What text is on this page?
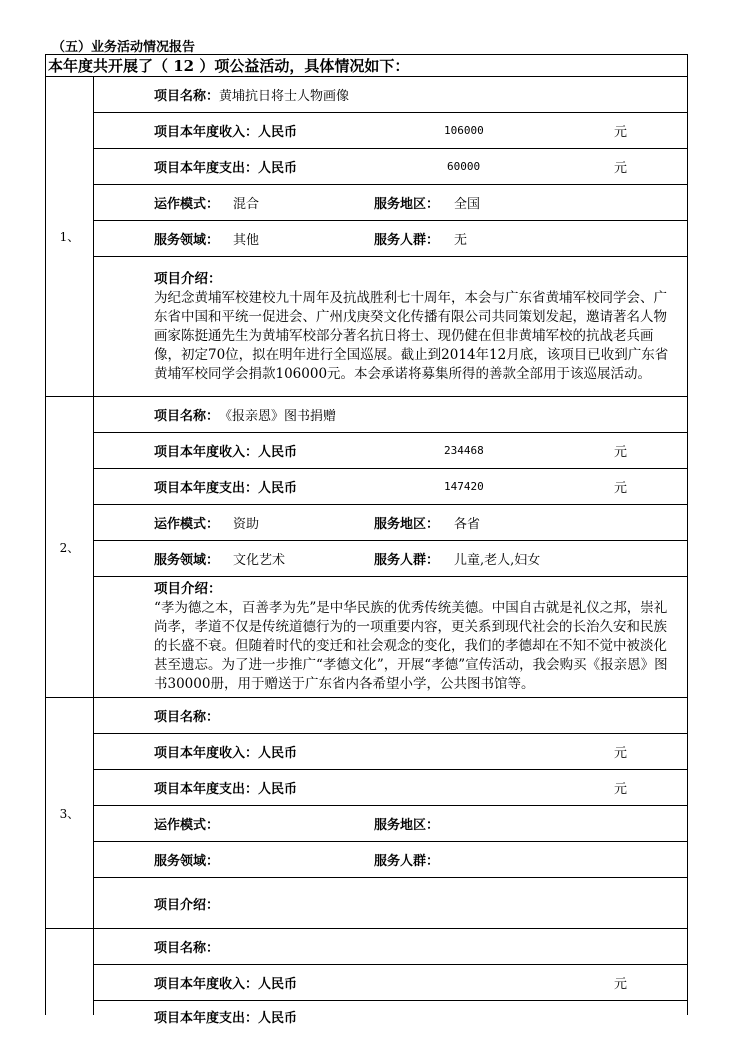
（五）业务活动情况报告
本年度共开展了（ 12 ）项公益活动，具体情况如下：	
1、	项目名称： 黄埔抗日将士人物画像

	项目本年度收入：人民币 106000 元

	项目本年度支出：人民币 60000 元

	运作模式： 混合 服务地区： 全国

	服务领域： 其他 服务人群： 无

	项目介绍：
为纪念黄埔军校建校九十周年及抗战胜利七十周年，本会与广东省黄埔军校同学会、广东省中国和平统一促进会、广州戊庚癸文化传播有限公司共同策划发起，邀请著名人物画家陈挺通先生为黄埔军校部分著名抗日将士、现仍健在但非黄埔军校的抗战老兵画像，初定70位，拟在明年进行全国巡展。截止到2014年12月底，该项目已收到广东省黄埔军校同学会捐款106000元。本会承诺将募集所得的善款全部用于该巡展活动。

2、	项目名称： 《报亲恩》图书捐赠

	项目本年度收入：人民币 234468 元

	项目本年度支出：人民币 147420 元

	运作模式： 资助 服务地区： 各省

	服务领域： 文化艺术 服务人群： 儿童,老人,妇女

	项目介绍：
“孝为德之本，百善孝为先”是中华民族的优秀传统美德。中国自古就是礼仪之邦，崇礼尚孝，孝道不仅是传统道德行为的一项重要内容，更关系到现代社会的长治久安和民族的长盛不衰。但随着时代的变迁和社会观念的变化，我们的孝德却在不知不觉中被淡化甚至遗忘。为了进一步推广“孝德文化”，开展“孝德”宣传活动，我会购买《报亲恩》图书30000册，用于赠送于广东省内各希望小学，公共图书馆等。

3、	项目名称：

	项目本年度收入：人民币 元

	项目本年度支出：人民币 元

	运作模式： 服务地区：

	服务领域： 服务人群：

	项目介绍：

	项目名称：

	项目本年度收入：人民币 元

	项目本年度支出：人民币
